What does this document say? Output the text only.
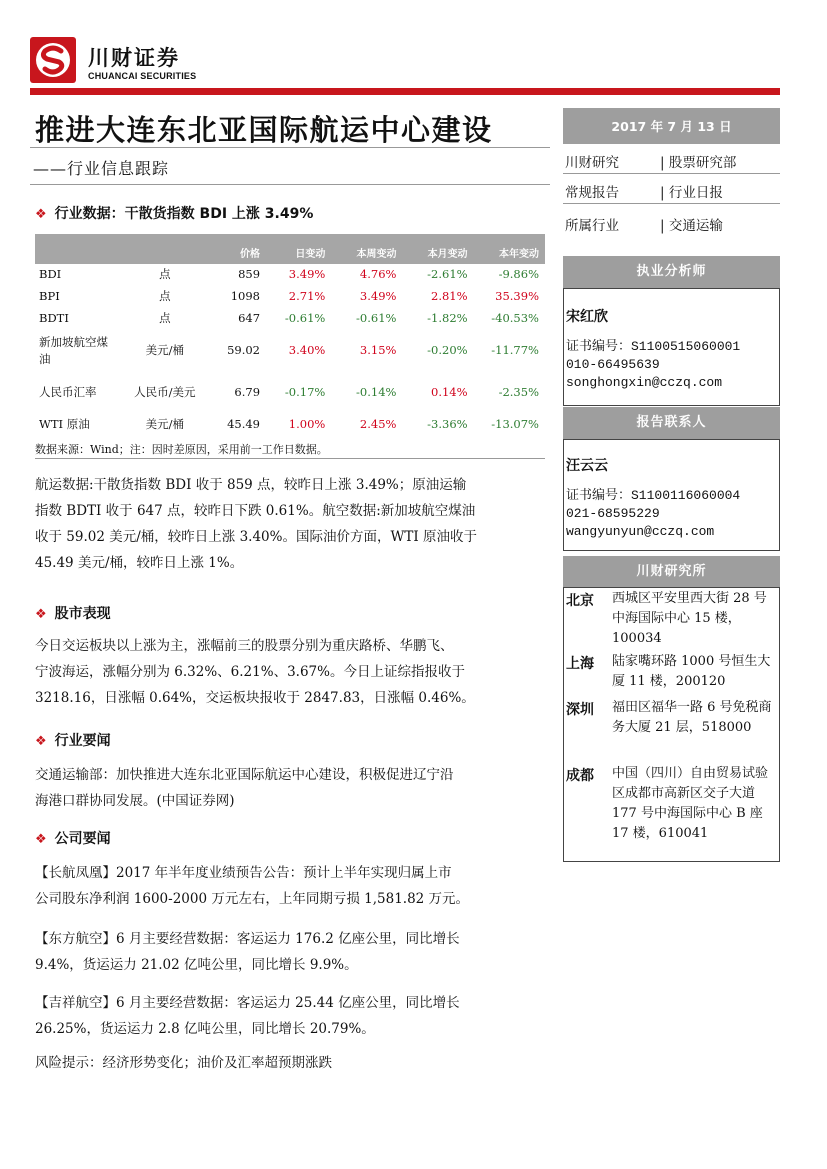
川财证券
CHUANCAI SECURITIES
推进大连东北亚国际航运中心建设
——行业信息跟踪
❖ 行业数据：干散货指数 BDI 上涨 3.49%
		价格	日变动	本周变动	本月变动	本年变动
BDI	点	859	3.49%	4.76%	-2.61%	-9.86%
BPI	点	1098	2.71%	3.49%	2.81%	35.39%
BDTI	点	647	-0.61%	-0.61%	-1.82%	-40.53%
新加坡航空煤油	美元/桶	59.02	3.40%	3.15%	-0.20%	-11.77%
人民币汇率	人民币/美元	6.79	-0.17%	-0.14%	0.14%	-2.35%
WTI 原油	美元/桶	45.49	1.00%	2.45%	-3.36%	-13.07%
数据来源：Wind；注：因时差原因，采用前一工作日数据。
航运数据:干散货指数 BDI 收于 859 点，较昨日上涨 3.49%；原油运输
指数 BDTI 收于 647 点，较昨日下跌 0.61%。航空数据:新加坡航空煤油
收于 59.02 美元/桶，较昨日上涨 3.40%。国际油价方面，WTI 原油收于
45.49 美元/桶，较昨日上涨 1%。
❖ 股市表现
今日交运板块以上涨为主，涨幅前三的股票分别为重庆路桥、华鹏飞、
宁波海运，涨幅分别为 6.32%、6.21%、3.67%。今日上证综指报收于
3218.16，日涨幅 0.64%，交运板块报收于 2847.83，日涨幅 0.46%。
❖ 行业要闻
交通运输部：加快推进大连东北亚国际航运中心建设，积极促进辽宁沿
海港口群协同发展。(中国证券网)
❖ 公司要闻
【长航凤凰】2017 年半年度业绩预告公告：预计上半年实现归属上市
公司股东净利润 1600-2000 万元左右，上年同期亏损 1,581.82 万元。
【东方航空】6 月主要经营数据：客运运力 176.2 亿座公里，同比增长
9.4%，货运运力 21.02 亿吨公里，同比增长 9.9%。
【吉祥航空】6 月主要经营数据：客运运力 25.44 亿座公里，同比增长
26.25%，货运运力 2.8 亿吨公里，同比增长 20.79%。
风险提示：经济形势变化；油价及汇率超预期涨跌
2017 年 7 月 13 日
川财研究	| 股票研究部
常规报告	| 行业日报
所属行业	| 交通运输
执业分析师
宋红欣
证书编号：S1100515060001
010-66495639
songhongxin@cczq.com
报告联系人
汪云云
证书编号：S1100116060004
021-68595229
wangyunyun@cczq.com
川财研究所
北京 西城区平安里西大街 28 号中海国际中心 15 楼，100034
上海 陆家嘴环路 1000 号恒生大厦 11 楼，200120
深圳 福田区福华一路 6 号免税商务大厦 21 层，518000
成都 中国（四川）自由贸易试验区成都市高新区交子大道 177 号中海国际中心 B 座 17 楼，610041
